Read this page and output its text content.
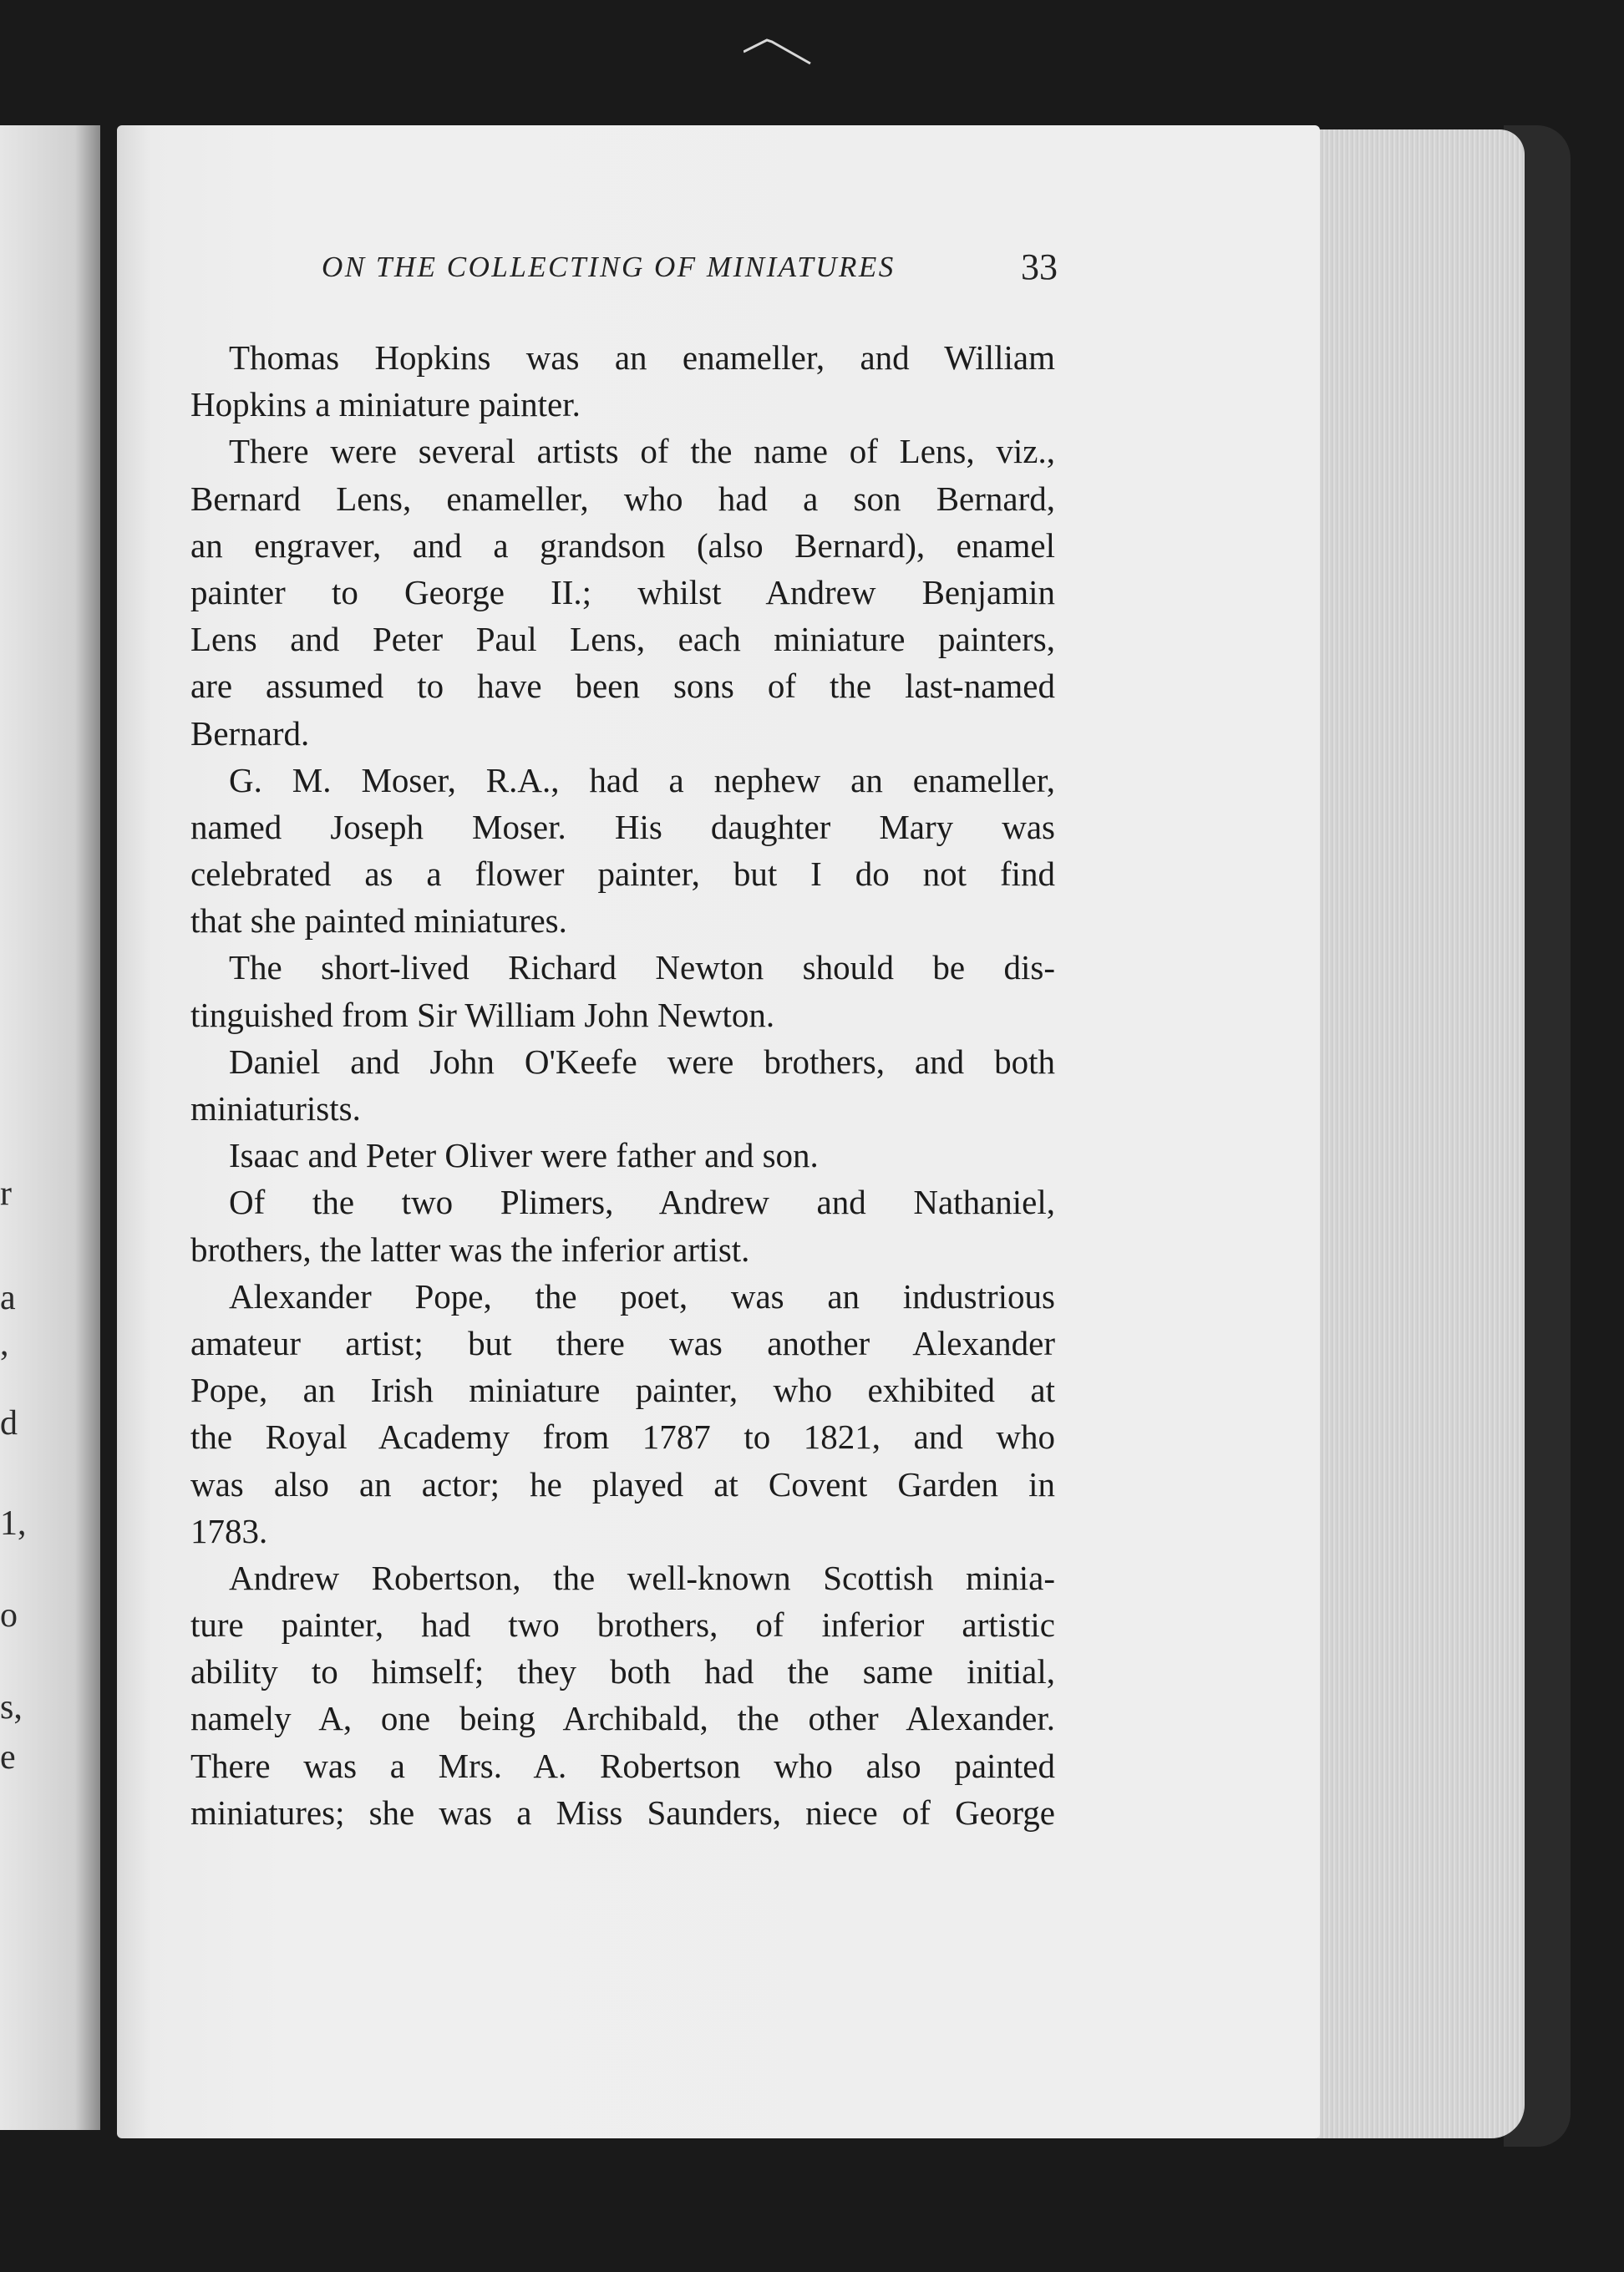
r
a
,
d
1,
o
s,
e
ON THE COLLECTING OF MINIATURES	33
Thomas Hopkins was an enameller, and William
Hopkins a miniature painter.
There were several artists of the name of Lens, viz.,
Bernard Lens, enameller, who had a son Bernard,
an engraver, and a grandson (also Bernard), enamel
painter to George II.; whilst Andrew Benjamin
Lens and Peter Paul Lens, each miniature painters,
are assumed to have been sons of the last-named
Bernard.
G. M. Moser, R.A., had a nephew an enameller,
named Joseph Moser. His daughter Mary was
celebrated as a flower painter, but I do not find
that she painted miniatures.
The short-lived Richard Newton should be dis-
tinguished from Sir William John Newton.
Daniel and John O'Keefe were brothers, and both
miniaturists.
Isaac and Peter Oliver were father and son.
Of the two Plimers, Andrew and Nathaniel,
brothers, the latter was the inferior artist.
Alexander Pope, the poet, was an industrious
amateur artist; but there was another Alexander
Pope, an Irish miniature painter, who exhibited at
the Royal Academy from 1787 to 1821, and who
was also an actor; he played at Covent Garden in
1783.
Andrew Robertson, the well-known Scottish minia-
ture painter, had two brothers, of inferior artistic
ability to himself; they both had the same initial,
namely A, one being Archibald, the other Alexander.
There was a Mrs. A. Robertson who also painted
miniatures; she was a Miss Saunders, niece of George
